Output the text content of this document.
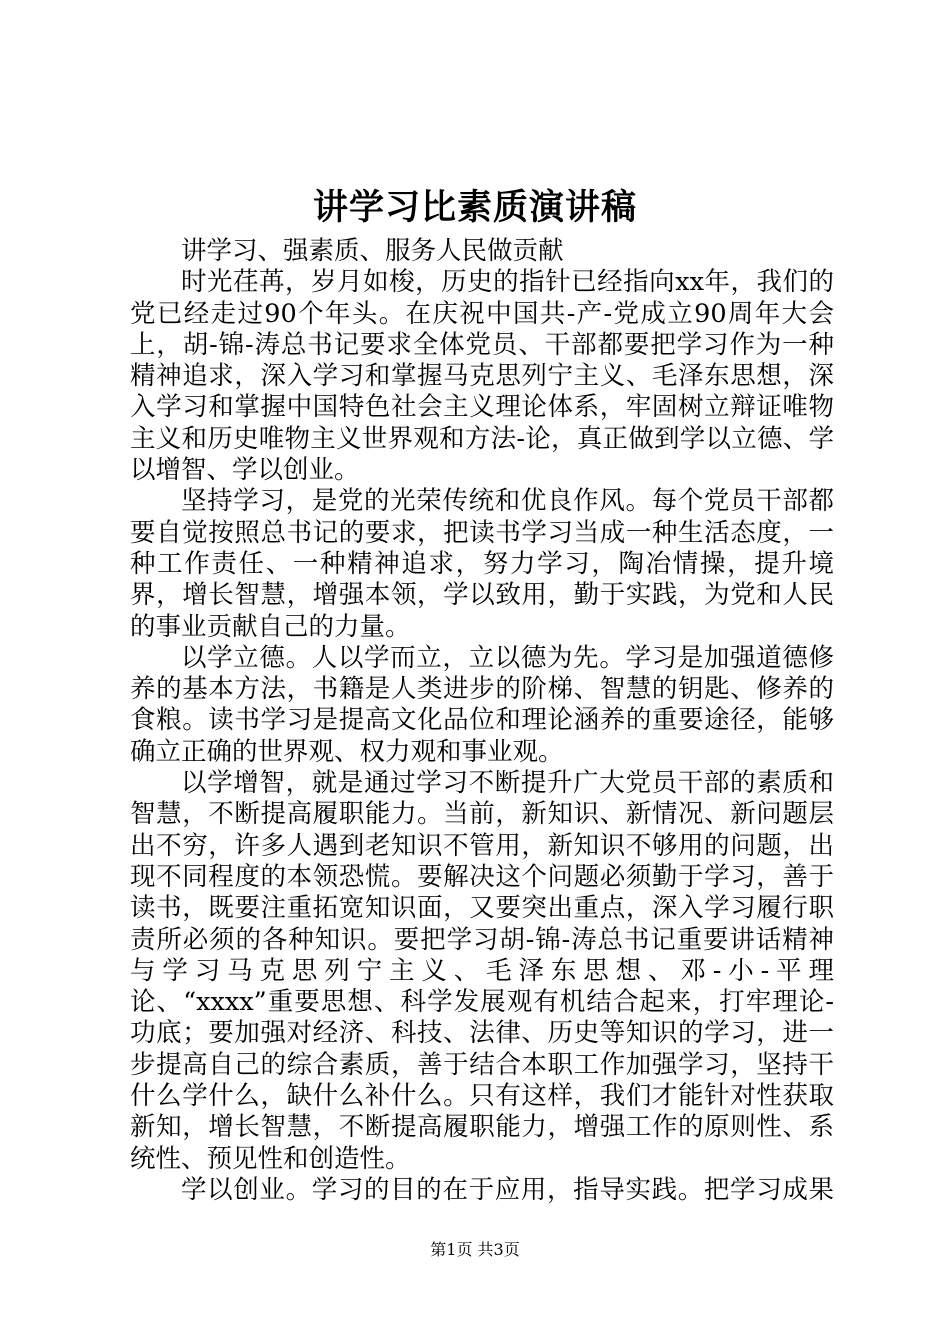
讲学习比素质演讲稿

讲学习、强素质、服务人民做贡献

时光荏苒，岁月如梭，历史的指针已经指向xx年，我们的党已经走过90个年头。在庆祝中国共-产-党成立90周年大会上，胡-锦-涛总书记要求全体党员、干部都要把学习作为一种精神追求，深入学习和掌握马克思列宁主义、毛泽东思想，深入学习和掌握中国特色社会主义理论体系，牢固树立辩证唯物主义和历史唯物主义世界观和方法-论，真正做到学以立德、学以增智、学以创业。

坚持学习，是党的光荣传统和优良作风。每个党员干部都要自觉按照总书记的要求，把读书学习当成一种生活态度，一种工作责任、一种精神追求，努力学习，陶冶情操，提升境界，增长智慧，增强本领，学以致用，勤于实践，为党和人民的事业贡献自己的力量。

以学立德。人以学而立，立以德为先。学习是加强道德修养的基本方法，书籍是人类进步的阶梯、智慧的钥匙、修养的食粮。读书学习是提高文化品位和理论涵养的重要途径，能够确立正确的世界观、权力观和事业观。

以学增智，就是通过学习不断提升广大党员干部的素质和智慧，不断提高履职能力。当前，新知识、新情况、新问题层出不穷，许多人遇到老知识不管用，新知识不够用的问题，出现不同程度的本领恐慌。要解决这个问题必须勤于学习，善于读书，既要注重拓宽知识面，又要突出重点，深入学习履行职责所必须的各种知识。要把学习胡-锦-涛总书记重要讲话精神与学习马克思列宁主义、毛泽东思想、邓-小-平理论、“xxxx”重要思想、科学发展观有机结合起来，打牢理论-功底；要加强对经济、科技、法律、历史等知识的学习，进一步提高自己的综合素质，善于结合本职工作加强学习，坚持干什么学什么，缺什么补什么。只有这样，我们才能针对性获取新知，增长智慧，不断提高履职能力，增强工作的原则性、系统性、预见性和创造性。

学以创业。学习的目的在于应用，指导实践。把学习成果

第1页 共3页
